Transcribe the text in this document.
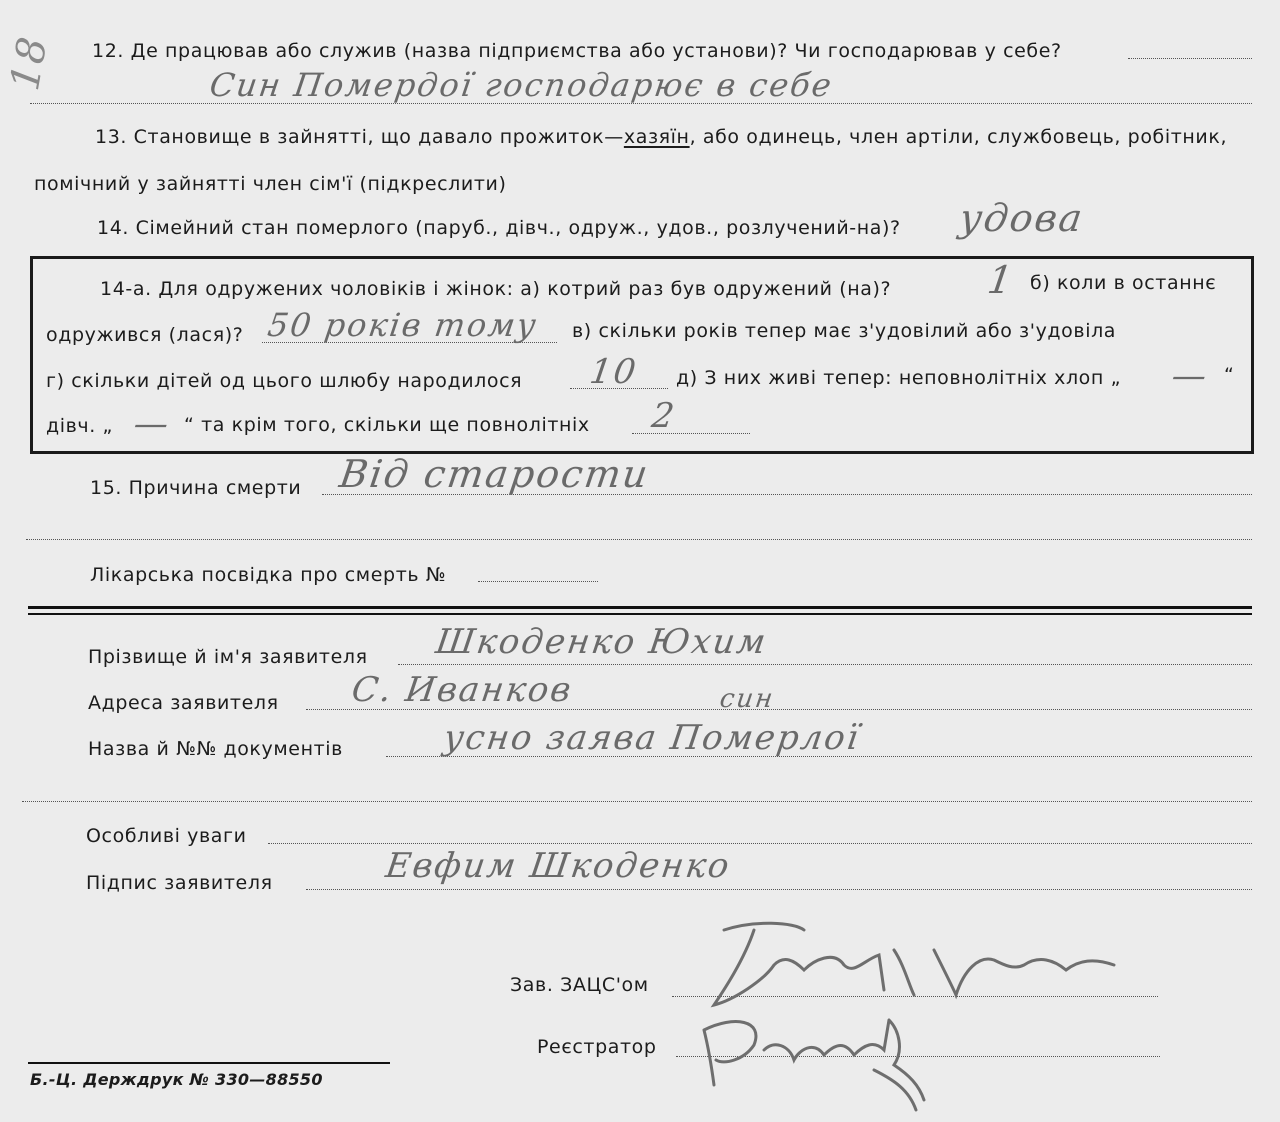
18 12. Де працював або служив (назва підприємства або установи)? Чи господарював у себе?
Син Помердої господарює в себе
13. Становище в зайнятті, що давало прожиток—хазяїн, або одинець, член артіли, службовець, робітник,
помічний у зайнятті член сім'ї (підкреслити)
14. Сімейний стан померлого (паруб., дівч., одруж., удов., розлучений-на)? удова
14-а. Для одружених чоловіків і жінок: а) котрий раз був одружений (на)? 1 б) коли в останнє
одружився (лася)? 50 років тому в) скільки років тепер має з'удовілий або з'удовіла
г) скільки дітей од цього шлюбу народилося 10 д) З них живі тепер: неповнолітніх хлоп „ — “
дівч. „ — “ та крім того, скільки ще повнолітніх 2
15. Причина смерти Від старости
Лікарська посвідка про смерть №
Прізвище й ім'я заявителя Шкоденко Юхим
Адреса заявителя С. Иванков	син
Назва й №№ документів	усно заява Померлої
Особливі уваги
Підпис заявителя	Евфим Шкоденко
Зав. ЗАЦС'ом
Реєстратор
Б.-Ц. Держдрук № 330—88550
